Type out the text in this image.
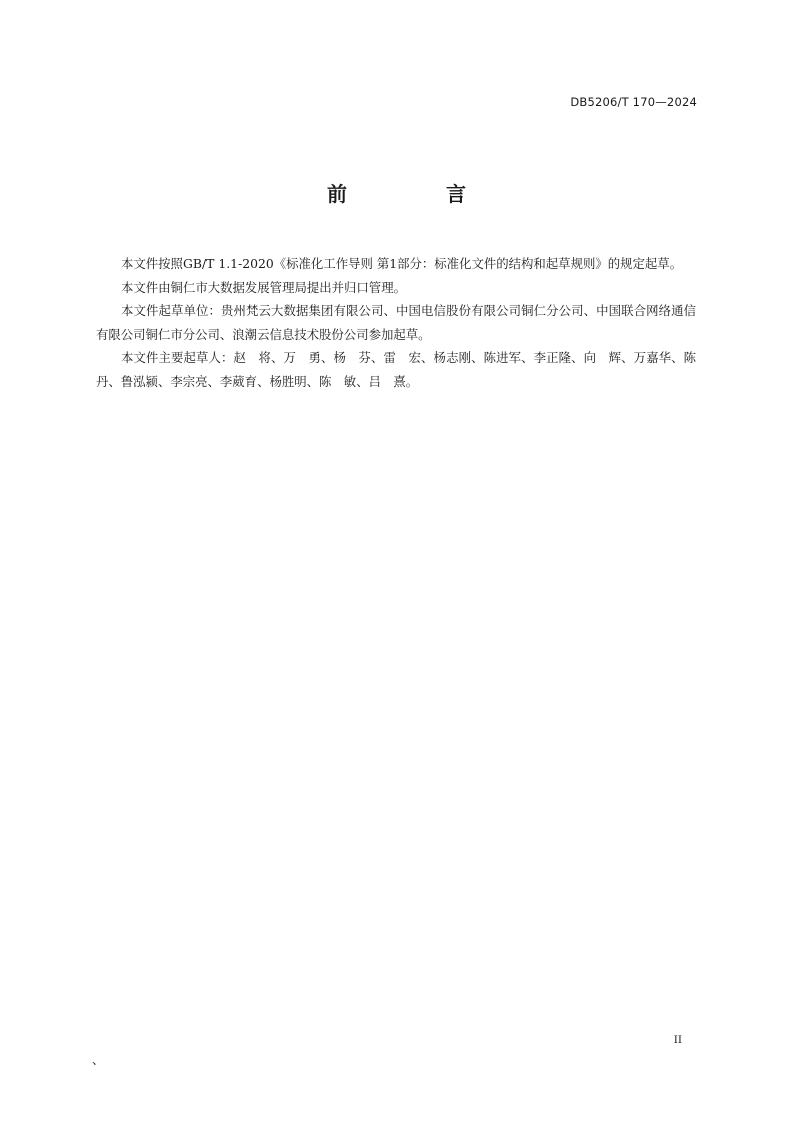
DB5206/T 170—2024
前 言

本文件按照GB/T 1.1-2020《标准化工作导则 第1部分：标准化文件的结构和起草规则》的规定起草。

本文件由铜仁市大数据发展管理局提出并归口管理。

本文件起草单位：贵州梵云大数据集团有限公司、中国电信股份有限公司铜仁分公司、中国联合网络通信有限公司铜仁市分公司、浪潮云信息技术股份公司参加起草。

本文件主要起草人：赵　将、万　勇、杨　芬、雷　宏、杨志刚、陈进军、李正隆、向　辉、万嘉华、陈　丹、鲁泓颍、李宗亮、李葳育、杨胜明、陈　敏、吕　熹。

II
、
